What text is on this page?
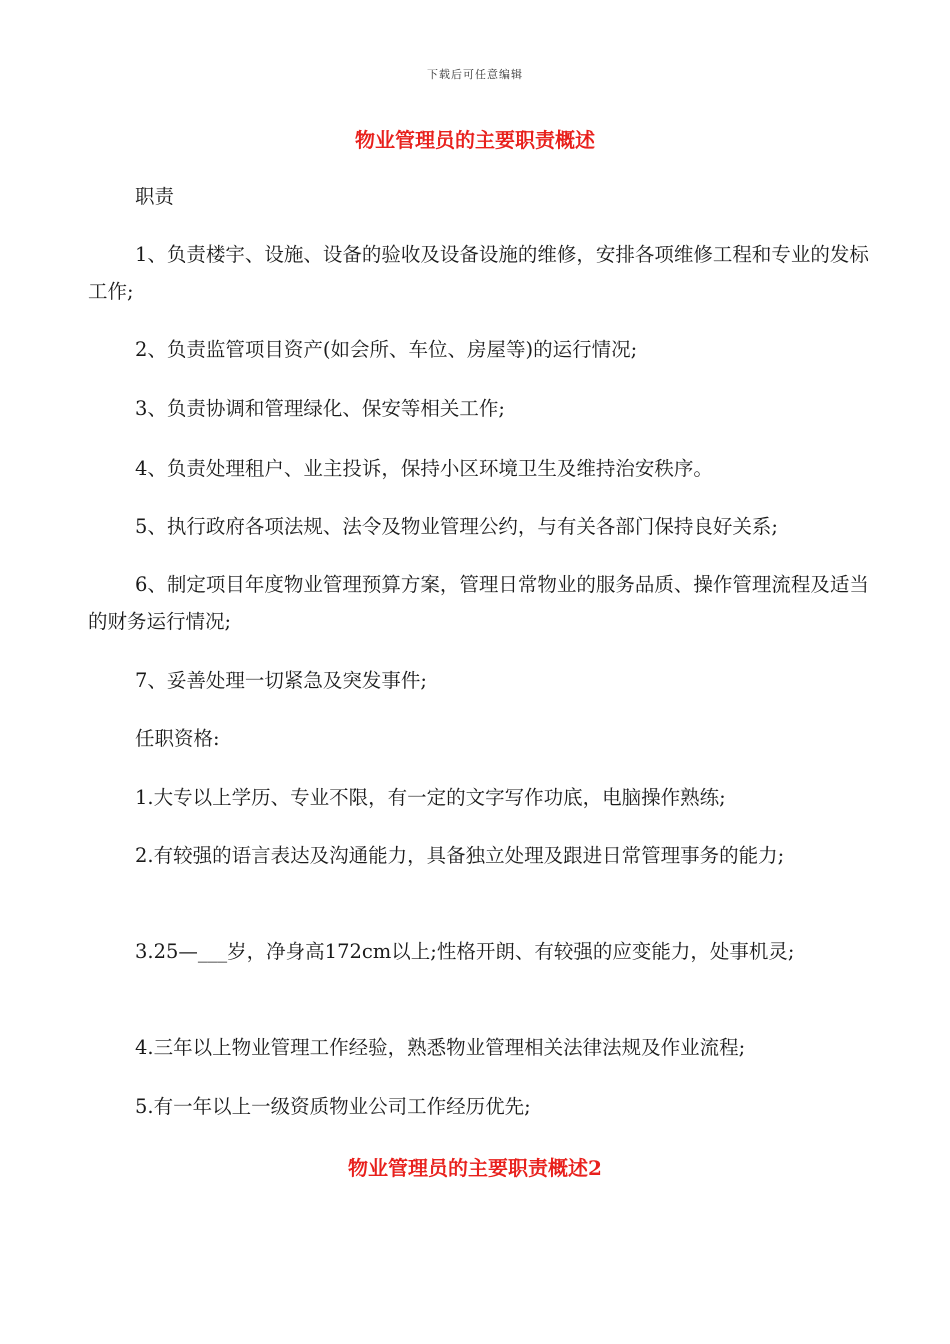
下载后可任意编辑
物业管理员的主要职责概述

职责

1、负责楼宇、设施、设备的验收及设备设施的维修，安排各项维修工程和专业的发标工作;

2、负责监管项目资产(如会所、车位、房屋等)的运行情况;

3、负责协调和管理绿化、保安等相关工作;

4、负责处理租户、业主投诉，保持小区环境卫生及维持治安秩序。

5、执行政府各项法规、法令及物业管理公约，与有关各部门保持良好关系;

6、制定项目年度物业管理预算方案，管理日常物业的服务品质、操作管理流程及适当的财务运行情况;

7、妥善处理一切紧急及突发事件;

任职资格:

1.大专以上学历、专业不限，有一定的文字写作功底，电脑操作熟练;

2.有较强的语言表达及沟通能力，具备独立处理及跟进日常管理事务的能力;

3.25—___岁，净身高172cm以上;性格开朗、有较强的应变能力，处事机灵;

4.三年以上物业管理工作经验，熟悉物业管理相关法律法规及作业流程;

5.有一年以上一级资质物业公司工作经历优先;

物业管理员的主要职责概述2
